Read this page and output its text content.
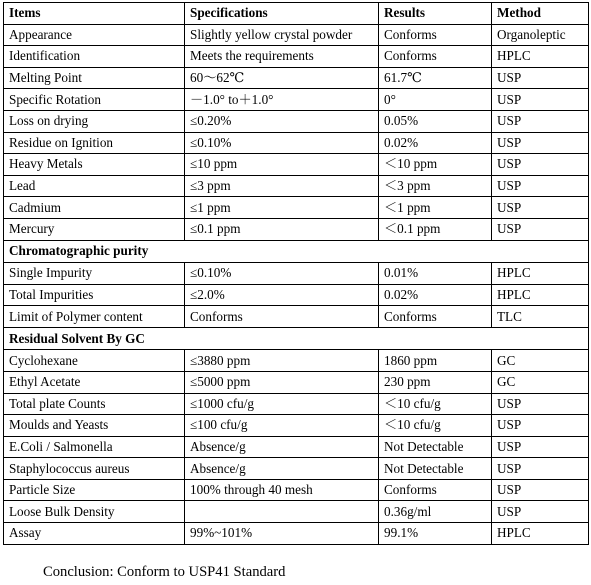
Items	Specifications	Results	Method
Appearance	Slightly yellow crystal powder	Conforms	Organoleptic
Identification	Meets the requirements	Conforms	HPLC
Melting Point	60～62℃	61.7℃	USP
Specific Rotation	－1.0° to＋1.0°	0°	USP
Loss on drying	≤0.20%	0.05%	USP
Residue on Ignition	≤0.10%	0.02%	USP
Heavy Metals	≤10 ppm	＜10 ppm	USP
Lead	≤3 ppm	＜3 ppm	USP
Cadmium	≤1 ppm	＜1 ppm	USP
Mercury	≤0.1 ppm	＜0.1 ppm	USP
Chromatographic purity			
Single Impurity	≤0.10%	0.01%	HPLC
Total Impurities	≤2.0%	0.02%	HPLC
Limit of Polymer content	Conforms	Conforms	TLC
Residual Solvent By GC			
Cyclohexane	≤3880 ppm	1860 ppm	GC
Ethyl Acetate	≤5000 ppm	230 ppm	GC
Total plate Counts	≤1000 cfu/g	＜10 cfu/g	USP
Moulds and Yeasts	≤100 cfu/g	＜10 cfu/g	USP
E.Coli / Salmonella	Absence/g	Not Detectable	USP
Staphylococcus aureus	Absence/g	Not Detectable	USP
Particle Size	100% through 40 mesh	Conforms	USP
Loose Bulk Density		0.36g/ml	USP
Assay	99%~101%	99.1%	HPLC
Conclusion: Conform to USP41 Standard
